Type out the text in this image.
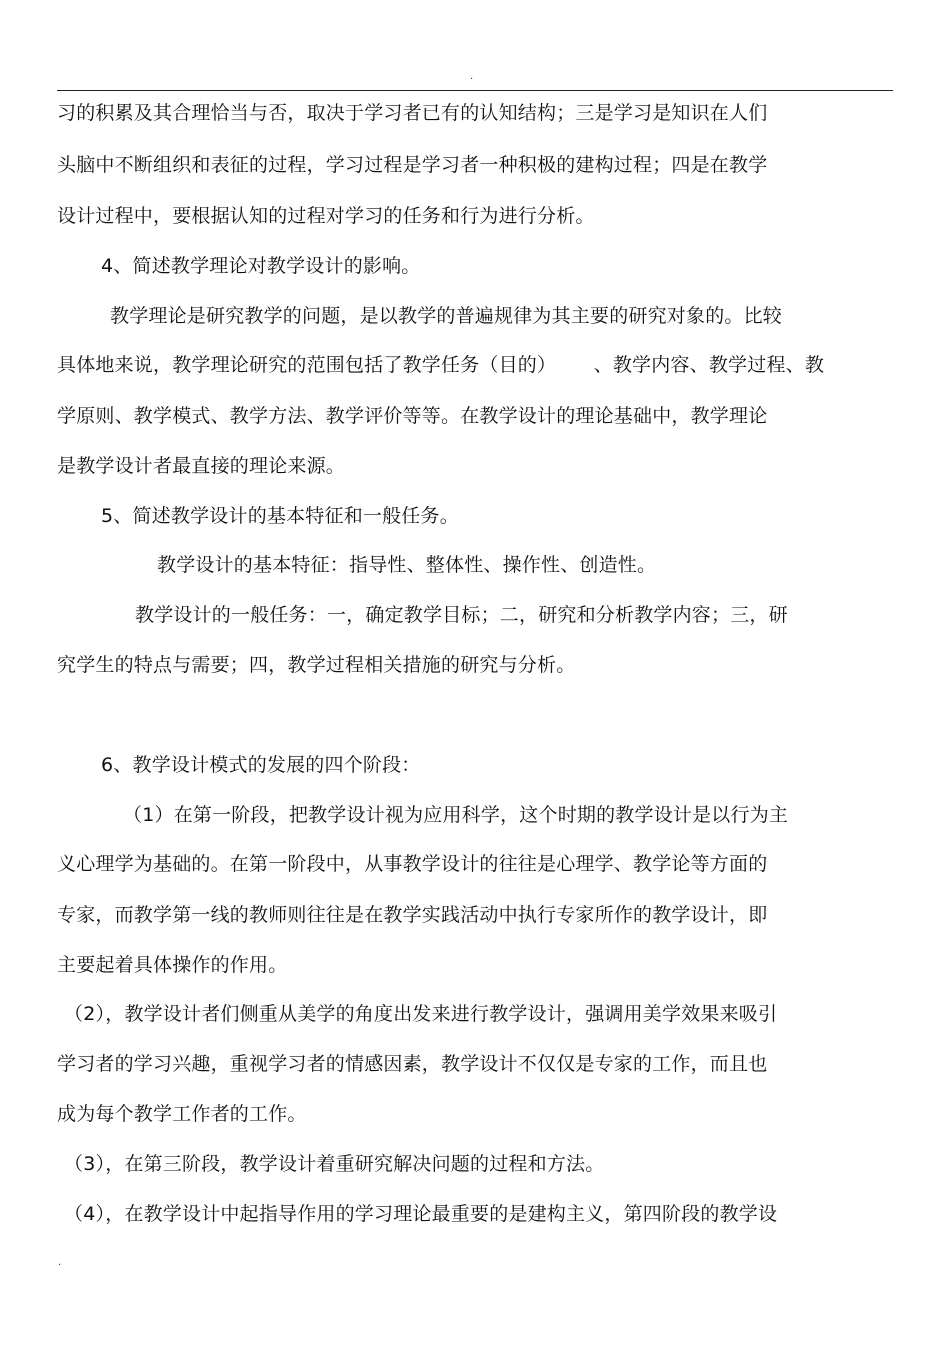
.
习的积累及其合理恰当与否，取决于学习者已有的认知结构；三是学习是知识在人们
头脑中不断组织和表征的过程，学习过程是学习者一种积极的建构过程；四是在教学
设计过程中，要根据认知的过程对学习的任务和行为进行分析。
4、简述教学理论对教学设计的影响。
教学理论是研究教学的问题，是以教学的普遍规律为其主要的研究对象的。比较
具体地来说，教学理论研究的范围包括了教学任务（目的）      、教学内容、教学过程、教
学原则、教学模式、教学方法、教学评价等等。在教学设计的理论基础中，教学理论
是教学设计者最直接的理论来源。
5、简述教学设计的基本特征和一般任务。
教学设计的基本特征：指导性、整体性、操作性、创造性。
教学设计的一般任务：一，确定教学目标；二，研究和分析教学内容；三，研
究学生的特点与需要；四，教学过程相关措施的研究与分析。
6、教学设计模式的发展的四个阶段：
（1）在第一阶段，把教学设计视为应用科学，这个时期的教学设计是以行为主
义心理学为基础的。在第一阶段中，从事教学设计的往往是心理学、教学论等方面的
专家，而教学第一线的教师则往往是在教学实践活动中执行专家所作的教学设计，即
主要起着具体操作的作用。
（2），教学设计者们侧重从美学的角度出发来进行教学设计，强调用美学效果来吸引
学习者的学习兴趣，重视学习者的情感因素，教学设计不仅仅是专家的工作，而且也
成为每个教学工作者的工作。
（3），在第三阶段，教学设计着重研究解决问题的过程和方法。
（4），在教学设计中起指导作用的学习理论最重要的是建构主义，第四阶段的教学设
.
